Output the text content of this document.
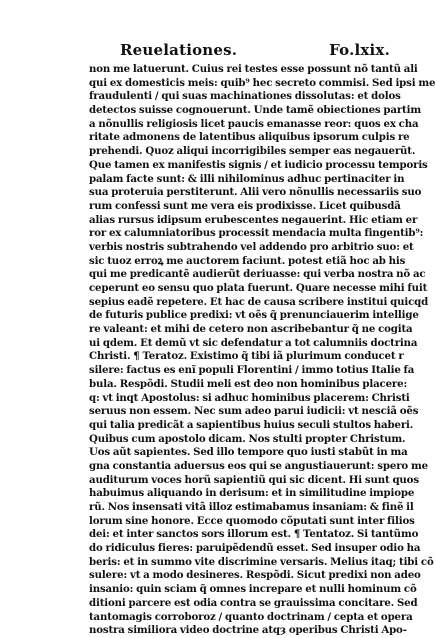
Reuelationes.	Fo.lxix.
non me latuerunt. Cuius rei testes esse possunt nõ tantũ ali
qui ex domesticis meis: quib⁹ hec secreto commisi. Sed ipsi me
fraudulenti / qui suas machinationes dissolutas: et dolos
detectos suisse cognouerunt. Unde tamẽ obiectiones partim
a nõnullis religiosis licet paucis emanasse reor: quos ex cha
ritate admonens de latentibus aliquibus ipsorum culpis re
prehendi. Quoz aliqui incorrigibiles semper eas negauerũt.
Que tamen ex manifestis signis / et iudicio processu temporis
palam facte sunt: & illi nihilominus adhuc pertinaciter in
sua proteruia perstiterunt. Alii vero nõnullis necessariis suo
rum confessi sunt me vera eis prodixisse. Licet quibusdã
alias rursus idipsum erubescentes negauerint. Hic etiam er
ror ex calumniatoribus processit mendacia multa fingentib⁹:
verbis nostris subtrahendo vel addendo pro arbitrio suo: et
sic tuoz erroꝝ me auctorem faciunt. potest etiã hoc ab his
qui me predicantẽ audierũt deriuasse: qui verba nostra nõ ac
ceperunt eo sensu quo plata fuerunt. Quare necesse mihi fuit
sepius eadẽ repetere. Et hac de causa scribere institui quicqd
de futuris publice predixi: vt oẽs q̃ prenunciauerim intellige
re valeant: et mihi de cetero non ascribebantur q̃ ne cogita
ui qdem. Et demũ vt sic defendatur a tot calumniis doctrina
Christi. ¶ Teratoz. Existimo q̃ tibi iã plurimum conducet r
silere: factus es enĩ populi Florentini / immo totius Italie fa
bula. Respõdi. Studii meli est deo non hominibus placere:
q: vt inqt Apostolus: si adhuc hominibus placerem: Christi
seruus non essem. Nec sum adeo parui iudicii: vt nesciã oẽs
qui talia predicãt a sapientibus huius seculi stultos haberi.
Quibus cum apostolo dicam. Nos stulti propter Christum.
Uos aũt sapientes. Sed illo tempore quo iusti stabũt in ma
gna constantia aduersus eos qui se angustiauerunt: spero me
auditurum voces horũ sapientiũ qui sic dicent. Hi sunt quos
habuimus aliquando in derisum: et in similitudine impiope
rũ. Nos insensati vitã illoz estimabamus insaniam: & finẽ il
lorum sine honore. Ecce quomodo cõputati sunt inter filios
dei: et inter sanctos sors illorum est. ¶ Tentatoz. Si tantũmo
do ridiculus fieres: paruipẽdendũ esset. Sed insuper odio ha
beris: et in summo vite discrimine versaris. Melius itaq; tibi cõ
sulere: vt a modo desineres. Respõdi. Sicut predixi non adeo
insanio: quin sciam q̃ omnes increpare et nulli hominum cõ
ditioni parcere est odia contra se grauissima concitare. Sed
tantomagis corroboroz / quanto doctrinam / cepta et opera
nostra similiora video doctrine atqȝ operibus Christi Apo-
